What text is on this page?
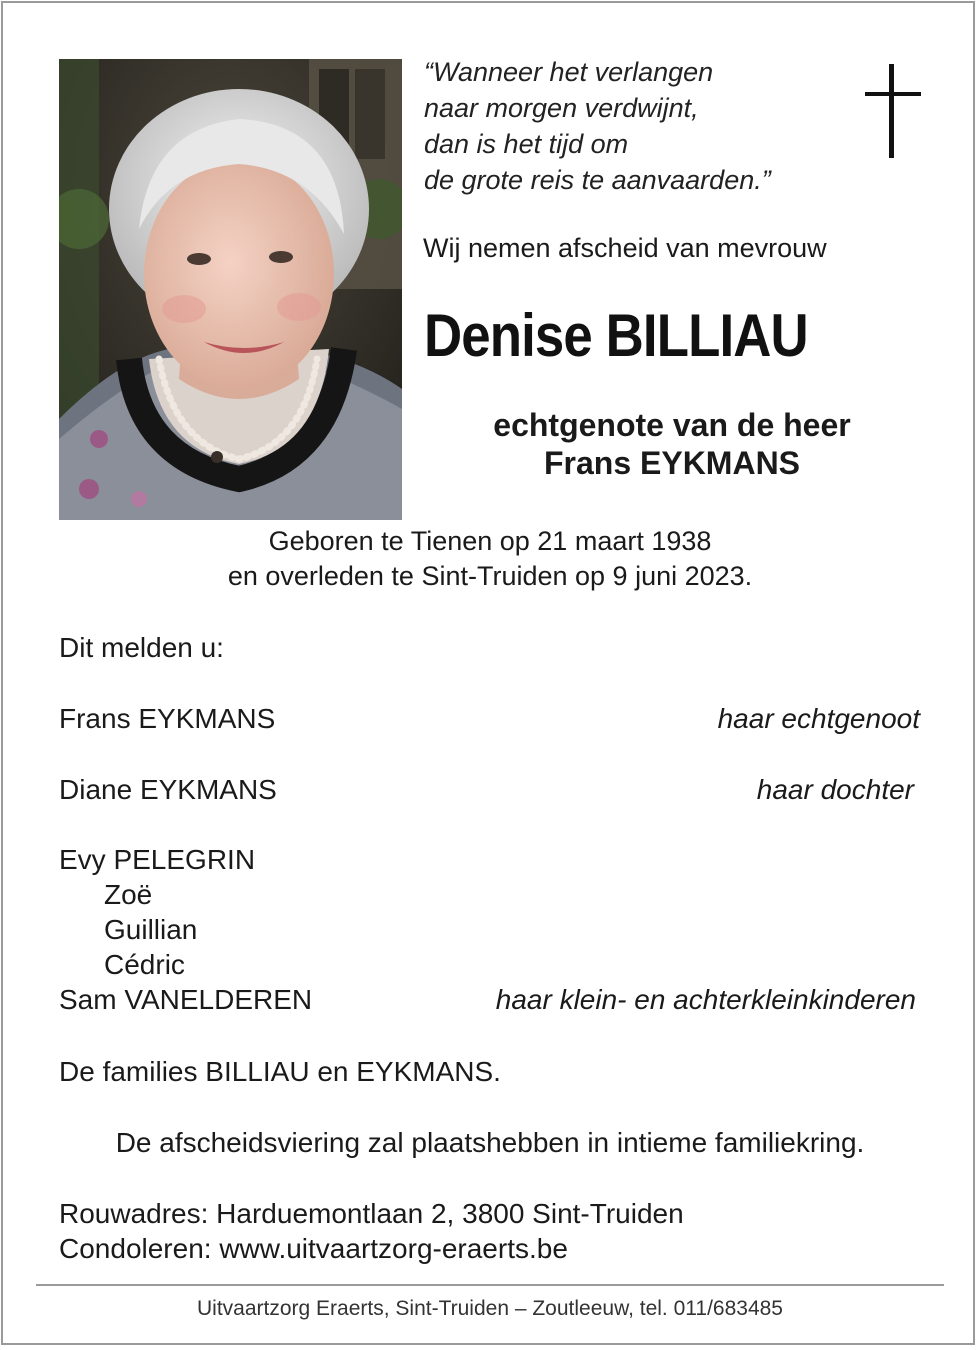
“Wanneer het verlangen
naar morgen verdwijnt,
dan is het tijd om
de grote reis te aanvaarden.”
Wij nemen afscheid van mevrouw
Denise BILLIAU
echtgenote van de heer
Frans EYKMANS
Geboren te Tienen op 21 maart 1938
en overleden te Sint-Truiden op 9 juni 2023.
Dit melden u:
Frans EYKMANS	haar echtgenoot
Diane EYKMANS	haar dochter
Evy PELEGRIN
Zoë
Guillian
Cédric
Sam VANELDEREN	haar klein- en achterkleinkinderen
De families BILLIAU en EYKMANS.
De afscheidsviering zal plaatshebben in intieme familiekring.
Rouwadres: Harduemontlaan 2, 3800 Sint-Truiden
Condoleren: www.uitvaartzorg-eraerts.be
Uitvaartzorg Eraerts, Sint-Truiden – Zoutleeuw, tel. 011/683485
